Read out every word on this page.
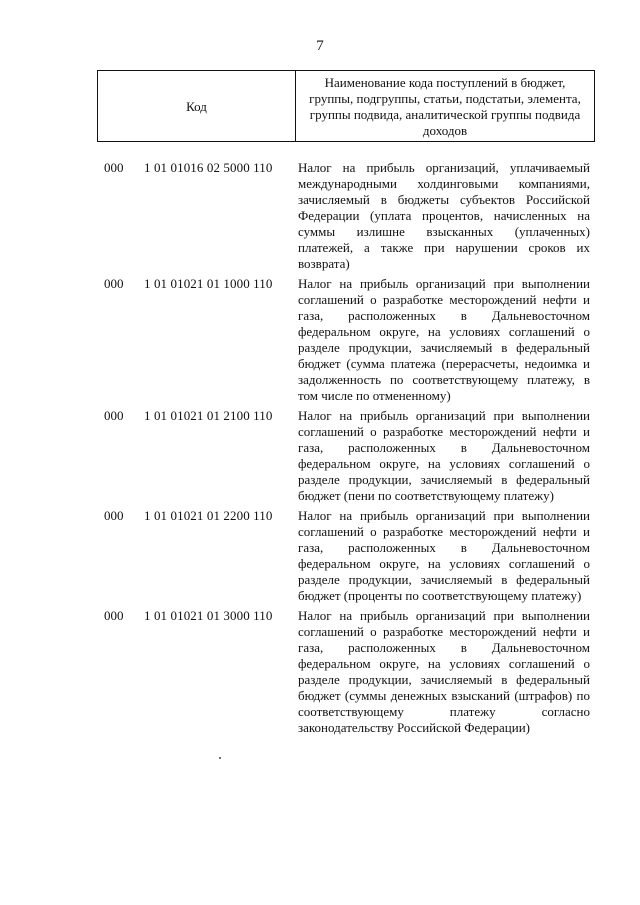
7
Код
Наименование кода поступлений в бюджет, группы, подгруппы, статьи, подстатьи, элемента, группы подвида, аналитической группы подвида доходов
000 1 01 01016 02 5000 110 Налог на прибыль организаций, уплачиваемый международными холдинговыми компаниями, зачисляемый в бюджеты субъектов Российской Федерации (уплата процентов, начисленных на суммы излишне взысканных (уплаченных) платежей, а также при нарушении сроков их возврата)
000 1 01 01021 01 1000 110 Налог на прибыль организаций при выполнении соглашений о разработке месторождений нефти и газа, расположенных в Дальневосточном федеральном округе, на условиях соглашений о разделе продукции, зачисляемый в федеральный бюджет (сумма платежа (перерасчеты, недоимка и задолженность по соответствующему платежу, в том числе по отмененному)
000 1 01 01021 01 2100 110 Налог на прибыль организаций при выполнении соглашений о разработке месторождений нефти и газа, расположенных в Дальневосточном федеральном округе, на условиях соглашений о разделе продукции, зачисляемый в федеральный бюджет (пени по соответствующему платежу)
000 1 01 01021 01 2200 110 Налог на прибыль организаций при выполнении соглашений о разработке месторождений нефти и газа, расположенных в Дальневосточном федеральном округе, на условиях соглашений о разделе продукции, зачисляемый в федеральный бюджет (проценты по соответствующему платежу)
000 1 01 01021 01 3000 110 Налог на прибыль организаций при выполнении соглашений о разработке месторождений нефти и газа, расположенных в Дальневосточном федеральном округе, на условиях соглашений о разделе продукции, зачисляемый в федеральный бюджет (суммы денежных взысканий (штрафов) по соответствующему платежу согласно законодательству Российской Федерации)
